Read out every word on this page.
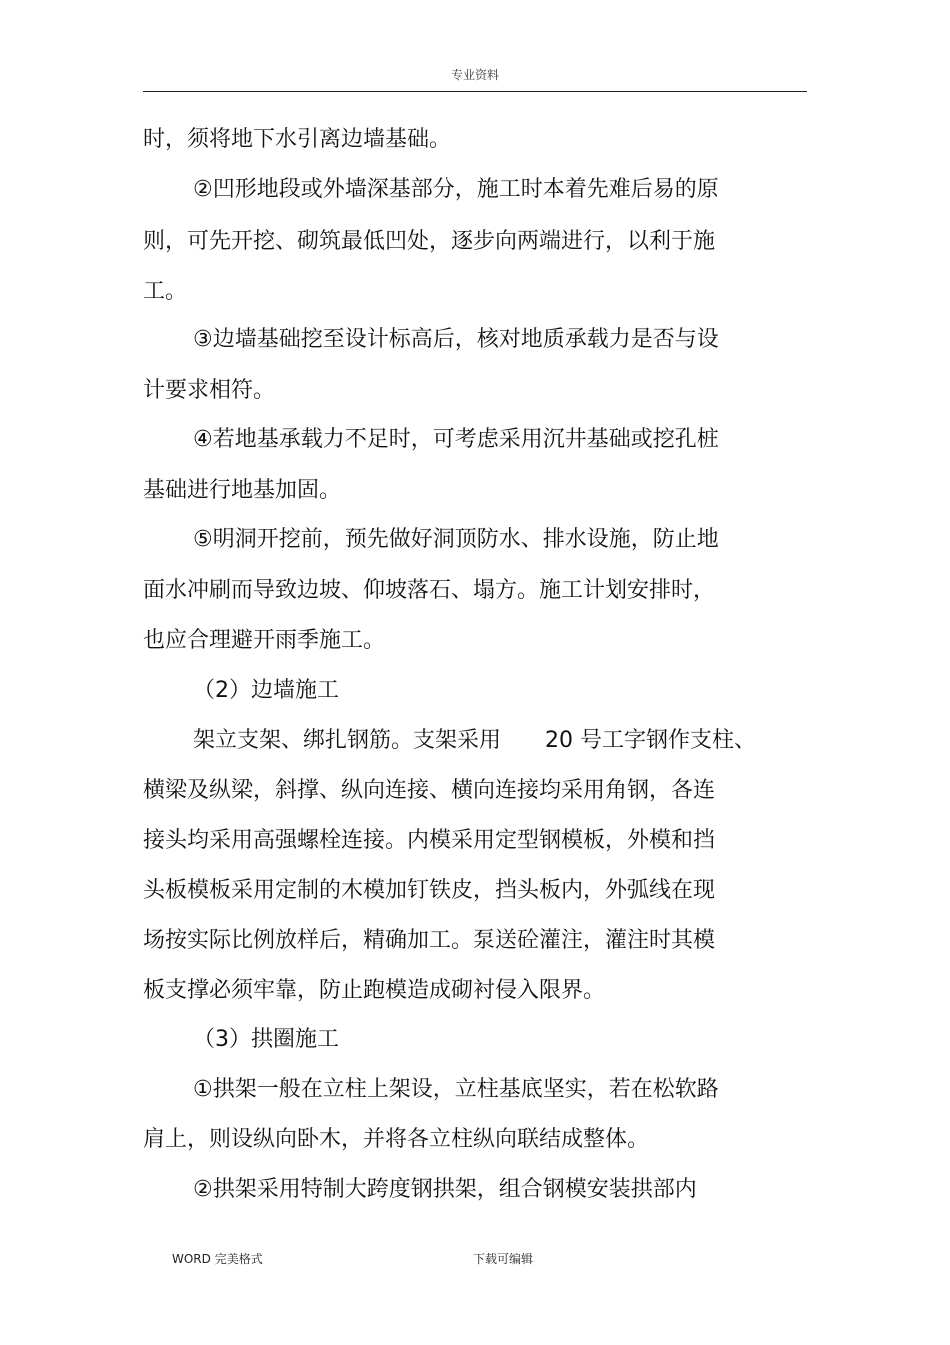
专业资料
时，须将地下水引离边墙基础。
②凹形地段或外墙深基部分，施工时本着先难后易的原
则，可先开挖、砌筑最低凹处，逐步向两端进行，以利于施
工。
③边墙基础挖至设计标高后，核对地质承载力是否与设
计要求相符。
④若地基承载力不足时，可考虑采用沉井基础或挖孔桩
基础进行地基加固。
⑤明洞开挖前，预先做好洞顶防水、排水设施，防止地
面水冲刷而导致边坡、仰坡落石、塌方。施工计划安排时，
也应合理避开雨季施工。
（2）边墙施工
架立支架、绑扎钢筋。支架采用　　20 号工字钢作支柱、
横梁及纵梁，斜撑、纵向连接、横向连接均采用角钢，各连
接头均采用高强螺栓连接。内模采用定型钢模板，外模和挡
头板模板采用定制的木模加钉铁皮，挡头板内，外弧线在现
场按实际比例放样后，精确加工。泵送砼灌注，灌注时其模
板支撑必须牢靠，防止跑模造成砌衬侵入限界。
（3）拱圈施工
①拱架一般在立柱上架设，立柱基底坚实，若在松软路
肩上，则设纵向卧木，并将各立柱纵向联结成整体。
②拱架采用特制大跨度钢拱架，组合钢模安装拱部内
WORD 完美格式	下载可编辑
